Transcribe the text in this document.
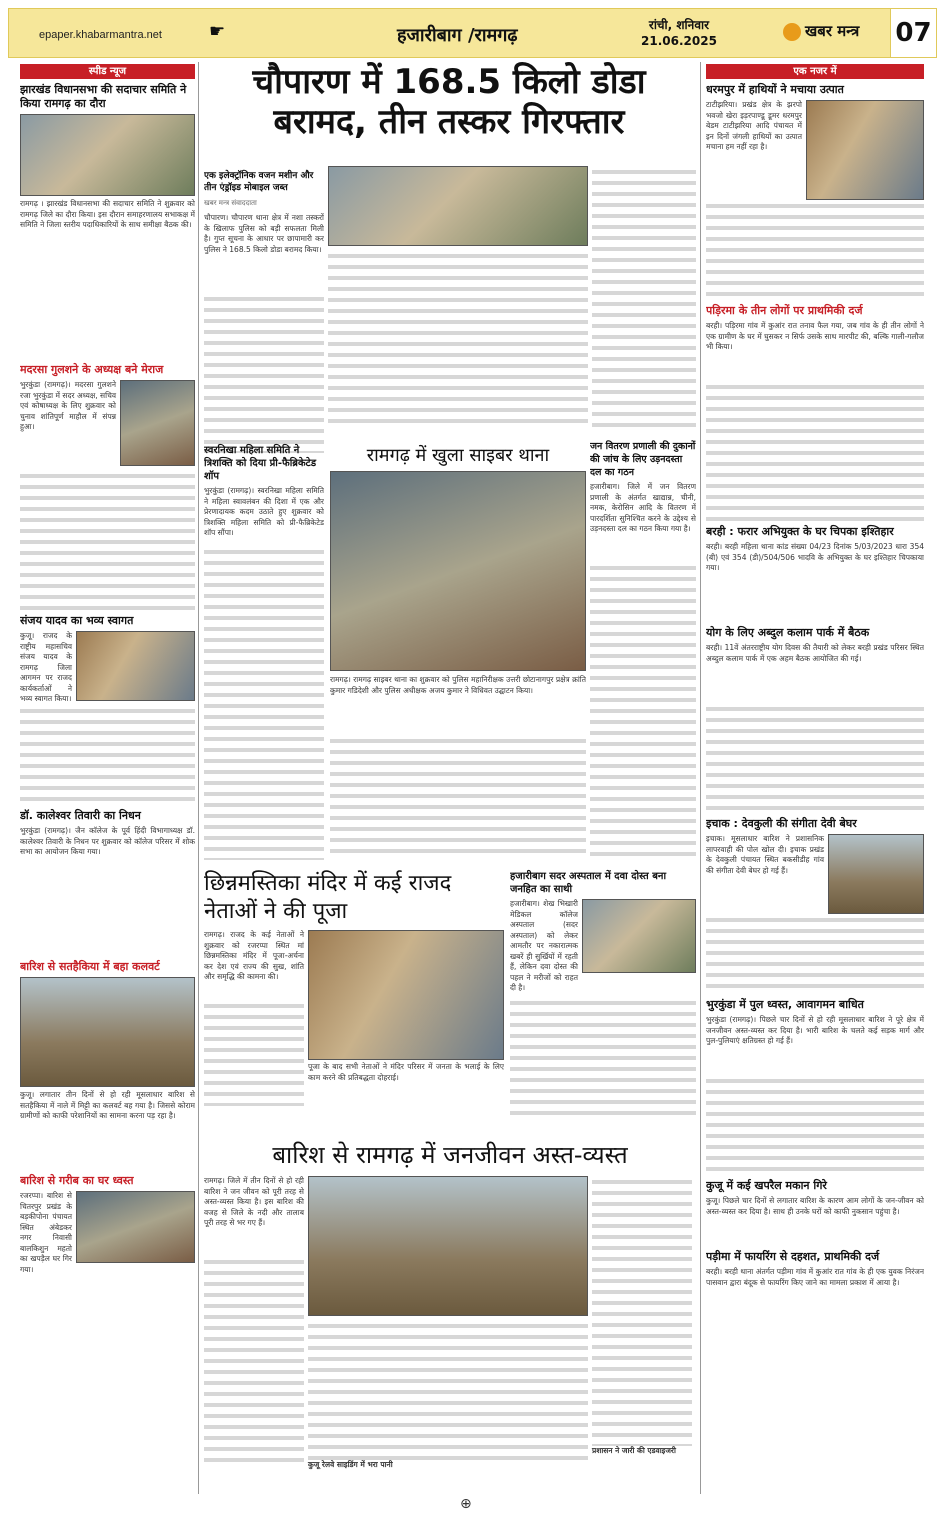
epaper.khabarmantra.net	☛	हजारीबाग /रामगढ़	रांची, शनिवार
21.06.2025
खबर मन्त्र 07
स्पीड न्यूज
झारखंड विधानसभा की सदाचार समिति ने किया रामगढ़ का दौरा
रामगढ़ । झारखंड विधानसभा की सदाचार समिति ने शुक्रवार को रामगढ़ जिले का दौरा किया। इस दौरान समाहरणालय सभाकक्ष में समिति ने जिला स्तरीय पदाधिकारियों के साथ समीक्षा बैठक की।
मदरसा गुलशने के अध्यक्ष बने मेराज
भुरकुंडा (रामगढ़)। मदरसा गुलशने रजा भुरकुंडा में सदर अध्यक्ष, सचिव एवं कोषाध्यक्ष के लिए शुक्रवार को चुनाव शांतिपूर्ण माहौल में संपन्न हुआ।
संजय यादव का भव्य स्वागत
कुजू। राजद के राष्ट्रीय महासचिव संजय यादव के रामगढ़ जिला आगमन पर राजद कार्यकर्ताओं ने भव्य स्वागत किया।
डॉ. कालेश्वर तिवारी का निधन
भुरकुंडा (रामगढ़)। जैन कॉलेज के पूर्व हिंदी विभागाध्यक्ष डॉ. कालेश्वर तिवारी के निधन पर शुक्रवार को कॉलेज परिसर में शोक सभा का आयोजन किया गया।
बारिश से सतहैकिया में बहा कलवर्ट
कुजू। लगातार तीन दिनों से हो रही मूसलाधार बारिश से सतहैकिया में नाले में मिट्टी का कलवर्ट बह गया है। जिससे कोराम ग्रामीणों को काफी परेशानियों का सामना करना पड़ रहा है।
बारिश से गरीब का घर ध्वस्त
रजरप्पा। बारिश से चितरपुर प्रखंड के बड़कीपोना पंचायत स्थित अंबेडकर नगर निवासी बालकिशुन महतो का खपड़ैल घर गिर गया।
चौपारण में 168.5 किलो डोडा बरामद, तीन तस्कर गिरफ्तार
एक इलेक्ट्रॉनिक वजन मशीन और तीन एंड्रॉइड मोबाइल जब्त
खबर मन्त्र संवाददाता
चौपारण। चौपारण थाना क्षेत्र में नशा तस्करों के खिलाफ पुलिस को बड़ी सफलता मिली है। गुप्त सूचना के आधार पर छापामारी कर पुलिस ने 168.5 किलो डोडा बरामद किया।
स्वरनिखा महिला समिति ने त्रिशक्ति को दिया प्री-फैब्रिकेटेड शॉप
भुरकुंडा (रामगढ़)। स्वरनिखा महिला समिति ने महिला स्वावलंबन की दिशा में एक और प्रेरणादायक कदम उठाते हुए शुक्रवार को त्रिशक्ति महिला समिति को प्री-फैब्रिकेटेड शॉप सौंपा।
रामगढ़ में खुला साइबर थाना
रामगढ़। रामगढ़ साइबर थाना का शुक्रवार को पुलिस महानिरीक्षक उत्तरी छोटानागपुर प्रक्षेत्र क्रांति कुमार गडिदेशी और पुलिस अधीक्षक अजय कुमार ने विधिवत उद्घाटन किया।
जन वितरण प्रणाली की दुकानों की जांच के लिए उड़नदस्ता दल का गठन
हजारीबाग। जिले में जन वितरण प्रणाली के अंतर्गत खाद्यान्न, चीनी, नमक, केरोसिन आदि के वितरण में पारदर्शिता सुनिश्चित करने के उद्देश्य से उड़नदस्ता दल का गठन किया गया है।
छिन्नमस्तिका मंदिर में कई राजद नेताओं ने की पूजा
रामगढ़। राजद के कई नेताओं ने शुक्रवार को रजरप्पा स्थित मां छिन्नमस्तिका मंदिर में पूजा-अर्चना कर देश एवं राज्य की सुख, शांति और समृद्धि की कामना की।
पूजा के बाद सभी नेताओं ने मंदिर परिसर में जनता के भलाई के लिए काम करने की प्रतिबद्धता दोहराई।
हजारीबाग सदर अस्पताल में दवा दोस्त बना जनहित का साथी
हजारीबाग। शेख भिखारी मेडिकल कॉलेज अस्पताल (सदर अस्पताल) को लेकर आमतौर पर नकारात्मक खबरें ही सुर्खियों में रहती हैं, लेकिन दवा दोस्त की पहल ने मरीजों को राहत दी है।
बारिश से रामगढ़ में जनजीवन अस्त-व्यस्त
रामगढ़। जिले में तीन दिनों से हो रही बारिश ने जन जीवन को पूरी तरह से अस्त-व्यस्त किया है। इस बारिश की वजह से जिले के नदी और तालाब पूरी तरह से भर गए हैं।
कुजू रेलवे साइडिंग में भरा पानी
प्रशासन ने जारी की एडवाइजरी
एक नजर में
धरमपुर में हाथियों ने मचाया उत्पात
टाटीझरिया। प्रखंड क्षेत्र के झरपो भवजो खेरा इड़रपाण्डू डूमर धरमपुर बेडम टाटीझरिया आदि पंचायत में इन दिनों जंगली हाथियों का उत्पात मचाना हम नहीं रहा है।
पड़िरमा के तीन लोगों पर प्राथमिकी दर्ज
बरही। पड़िरमा गांव में कुआंर रात तनाव फैल गया, जब गांव के ही तीन लोगों ने एक ग्रामीण के घर में घुसकर न सिर्फ उसके साथ मारपीट की, बल्कि गाली-गलौज भी किया।
बरही : फरार अभियुक्त के घर चिपका इश्तिहार
बरही। बरही महिला थाना कांड संख्या 04/23 दिनांक 5/03/2023 धारा 354 (बी) एवं 354 (डी)/504/506 भादवि के अभियुक्त के घर इश्तिहार चिपकाया गया।
योग के लिए अब्दुल कलाम पार्क में बैठक
बरही। 11वें अंतरराष्ट्रीय योग दिवस की तैयारी को लेकर बरही प्रखंड परिसर स्थित अब्दुल कलाम पार्क में एक अहम बैठक आयोजित की गई।
इचाक : देवकुली की संगीता देवी बेघर
इचाक। मूसलाधार बारिश ने प्रशासनिक लापरवाही की पोल खोल दी। इचाक प्रखंड के देवकुली पंचायत स्थित बकसीडीह गांव की संगीता देवी बेघर हो गई हैं।
भुरकुंडा में पुल ध्वस्त, आवागमन बाधित
भुरकुंडा (रामगढ़)। पिछले चार दिनों से हो रही मूसलाधार बारिश ने पूरे क्षेत्र में जनजीवन अस्त-व्यस्त कर दिया है। भारी बारिश के चलते कई सड़क मार्ग और पुल-पुलियाएं क्षतिग्रस्त हो गई हैं।
कुजू में कई खपरैल मकान गिरे
कुजू। पिछले चार दिनों से लगातार बारिश के कारण आम लोगों के जन-जीवन को अस्त-व्यस्त कर दिया है। साथ ही उनके घरों को काफी नुकसान पहुंचा है।
पड़ीमा में फायरिंग से दहशत, प्राथमिकी दर्ज
बरही। बरही थाना अंतर्गत पड़ीमा गांव में कुआंर रात गांव के ही एक युवक निरंजन पासवान द्वारा बंदूक से फायरिंग किए जाने का मामला प्रकाश में आया है।
⊕
